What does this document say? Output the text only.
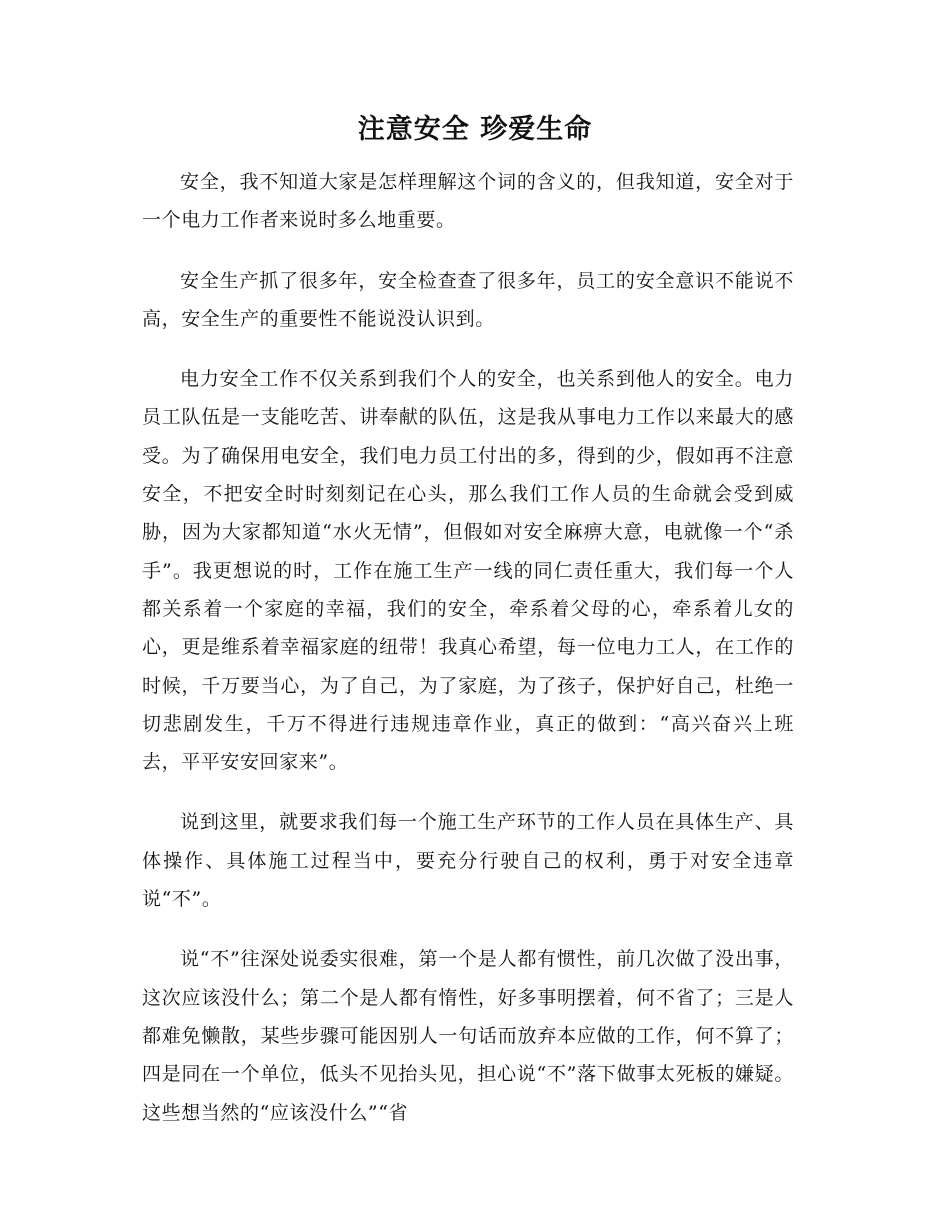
注意安全 珍爱生命

安全，我不知道大家是怎样理解这个词的含义的，但我知道，安全对于一个电力工作者来说时多么地重要。

安全生产抓了很多年，安全检查查了很多年，员工的安全意识不能说不高，安全生产的重要性不能说没认识到。

电力安全工作不仅关系到我们个人的安全，也关系到他人的安全。电力员工队伍是一支能吃苦、讲奉献的队伍，这是我从事电力工作以来最大的感受。为了确保用电安全，我们电力员工付出的多，得到的少，假如再不注意安全，不把安全时时刻刻记在心头，那么我们工作人员的生命就会受到威胁，因为大家都知道“水火无情”，但假如对安全麻痹大意，电就像一个“杀手”。我更想说的时，工作在施工生产一线的同仁责任重大，我们每一个人都关系着一个家庭的幸福，我们的安全，牵系着父母的心，牵系着儿女的心，更是维系着幸福家庭的纽带！我真心希望，每一位电力工人，在工作的时候，千万要当心，为了自己，为了家庭，为了孩子，保护好自己，杜绝一切悲剧发生，千万不得进行违规违章作业，真正的做到：“高兴奋兴上班去，平平安安回家来”。

说到这里，就要求我们每一个施工生产环节的工作人员在具体生产、具体操作、具体施工过程当中，要充分行驶自己的权利，勇于对安全违章说“不”。

说“不”往深处说委实很难，第一个是人都有惯性，前几次做了没出事，这次应该没什么；第二个是人都有惰性，好多事明摆着，何不省了；三是人都难免懒散，某些步骤可能因别人一句话而放弃本应做的工作，何不算了；四是同在一个单位，低头不见抬头见，担心说“不”落下做事太死板的嫌疑。这些想当然的“应该没什么”“省
